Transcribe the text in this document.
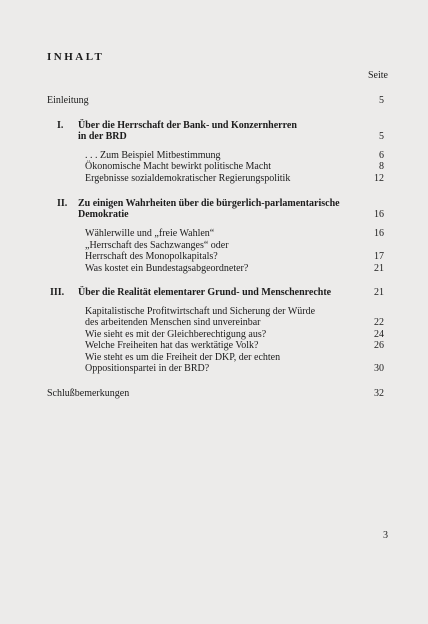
INHALT
Seite
Einleitung	5
I. Über die Herrschaft der Bank- und Konzernherren
in der BRD	5
. . . Zum Beispiel Mitbestimmung	6
Ökonomische Macht bewirkt politische Macht	8
Ergebnisse sozialdemokratischer Regierungspolitik	12
II. Zu einigen Wahrheiten über die bürgerlich-parlamentarische
Demokratie	16
Wählerwille und „freie Wahlen“	16
„Herrschaft des Sachzwanges“ oder
Herrschaft des Monopolkapitals?	17
Was kostet ein Bundestagsabgeordneter?	21
III. Über die Realität elementarer Grund- und Menschenrechte	21
Kapitalistische Profitwirtschaft und Sicherung der Würde
des arbeitenden Menschen sind unvereinbar	22
Wie sieht es mit der Gleichberechtigung aus?	24
Welche Freiheiten hat das werktätige Volk?	26
Wie steht es um die Freiheit der DKP, der echten
Oppositionspartei in der BRD?	30
Schlußbemerkungen	32
3
